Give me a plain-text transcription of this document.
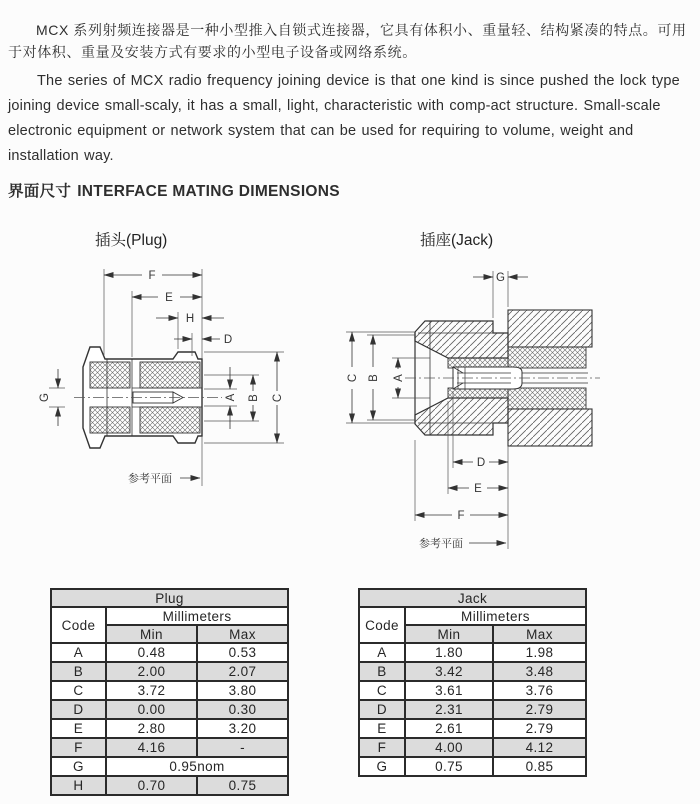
MCX 系列射频连接器是一种小型推入自锁式连接器，它具有体积小、重量轻、结构紧凑的特点。可用于对体积、重量及安装方式有要求的小型电子设备或网络系统。

The series of MCX radio frequency joining device is that one kind is since pushed the lock type joining device small-scaly, it has a small, light, characteristic with comp-act structure. Small-scale electronic equipment or network system that can be used for requiring to volume, weight and installation way.

界面尺寸 INTERFACE MATING DIMENSIONS
插头(Plug)	插座(Jack)
F
E
H
D
A B C
G
参考平面
G
C B A
D
E
F
参考平面
Plug		
Code	Millimeters	
	Min	Max
A	0.48	0.53
B	2.00	2.07
C	3.72	3.80
D	0.00	0.30
E	2.80	3.20
F	4.16	-
G	0.95nom	
H	0.70	0.75
Jack		
Code	Millimeters	
	Min	Max
A	1.80	1.98
B	3.42	3.48
C	3.61	3.76
D	2.31	2.79
E	2.61	2.79
F	4.00	4.12
G	0.75	0.85
